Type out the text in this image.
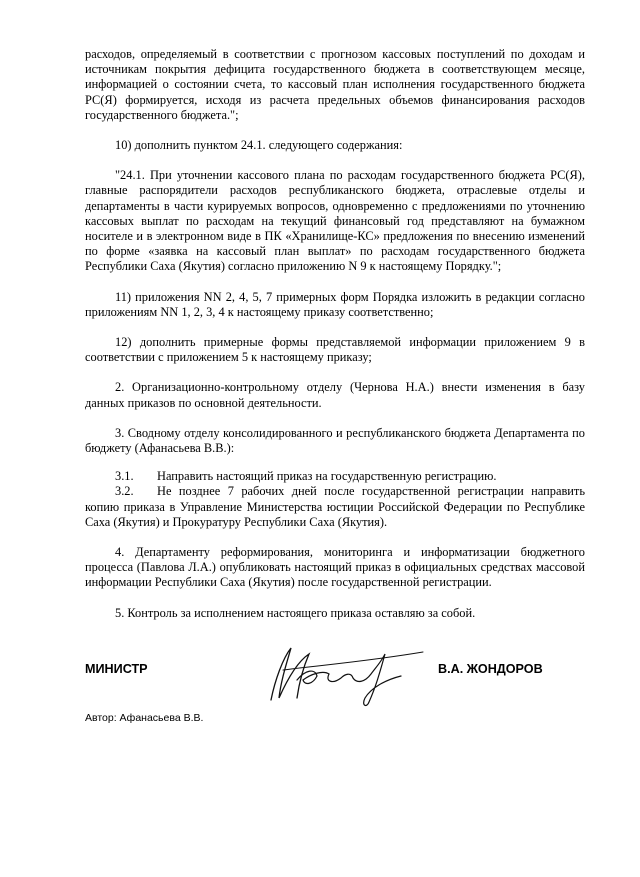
расходов, определяемый в соответствии с прогнозом кассовых поступлений по доходам и источникам покрытия дефицита государственного бюджета в соответствующем месяце, информацией о состоянии счета, то кассовый план исполнения государственного бюджета РС(Я) формируется, исходя из расчета предельных объемов финансирования расходов государственного бюджета.";

10) дополнить пунктом 24.1. следующего содержания:

"24.1. При уточнении кассового плана по расходам государственного бюджета РС(Я), главные распорядители расходов республиканского бюджета, отраслевые отделы и департаменты в части курируемых вопросов, одновременно с предложениями по уточнению кассовых выплат по расходам на текущий финансовый год представляют на бумажном носителе и в электронном виде в ПК «Хранилище-КС» предложения по внесению изменений по форме «заявка на кассовый план выплат» по расходам государственного бюджета Республики Саха (Якутия) согласно приложению N 9 к настоящему Порядку.";

11) приложения NN 2, 4, 5, 7 примерных форм Порядка изложить в редакции согласно приложениям NN 1, 2, 3, 4 к настоящему приказу соответственно;

12) дополнить примерные формы представляемой информации приложением 9 в соответствии с приложением 5 к настоящему приказу;

2. Организационно-контрольному отделу (Чернова Н.А.) внести изменения в базу данных приказов по основной деятельности.

3. Сводному отделу консолидированного и республиканского бюджета Департамента по бюджету (Афанасьева В.В.):

3.1. Направить настоящий приказ на государственную регистрацию.

3.2. Не позднее 7 рабочих дней после государственной регистрации направить копию приказа в Управление Министерства юстиции Российской Федерации по Республике Саха (Якутия) и Прокуратуру Республики Саха (Якутия).

4. Департаменту реформирования, мониторинга и информатизации бюджетного процесса (Павлова Л.А.) опубликовать настоящий приказ в официальных средствах массовой информации Республики Саха (Якутия) после государственной регистрации.

5. Контроль за исполнением настоящего приказа оставляю за собой.

МИНИСТР	В.А. ЖОНДОРОВ
Автор: Афанасьева В.В.
